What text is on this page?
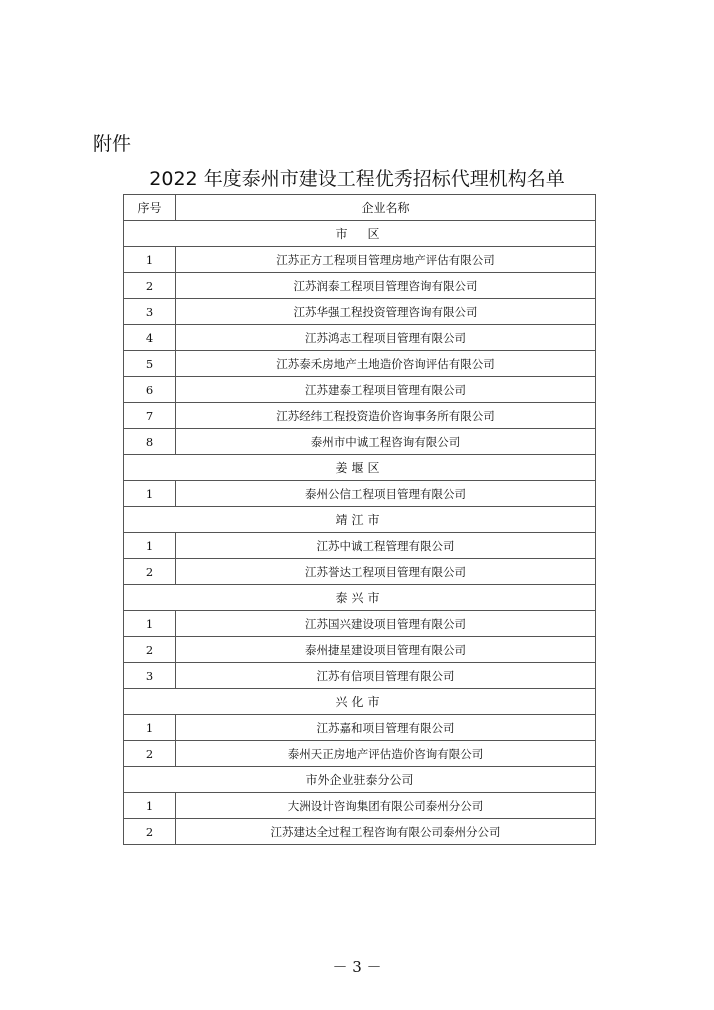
附件
2022 年度泰州市建设工程优秀招标代理机构名单
序号	企业名称
市　区	
1	江苏正方工程项目管理房地产评估有限公司
2	江苏润泰工程项目管理咨询有限公司
3	江苏华强工程投资管理咨询有限公司
4	江苏鸿志工程项目管理有限公司
5	江苏泰禾房地产土地造价咨询评估有限公司
6	江苏建泰工程项目管理有限公司
7	江苏经纬工程投资造价咨询事务所有限公司
8	泰州市中诚工程咨询有限公司
姜堰区	
1	泰州公信工程项目管理有限公司
靖江市	
1	江苏中诚工程管理有限公司
2	江苏誉达工程项目管理有限公司
泰兴市	
1	江苏国兴建设项目管理有限公司
2	泰州捷星建设项目管理有限公司
3	江苏有信项目管理有限公司
兴化市	
1	江苏嘉和项目管理有限公司
2	泰州天正房地产评估造价咨询有限公司
市外企业驻泰分公司	
1	大洲设计咨询集团有限公司泰州分公司
2	江苏建达全过程工程咨询有限公司泰州分公司
－ 3 －
